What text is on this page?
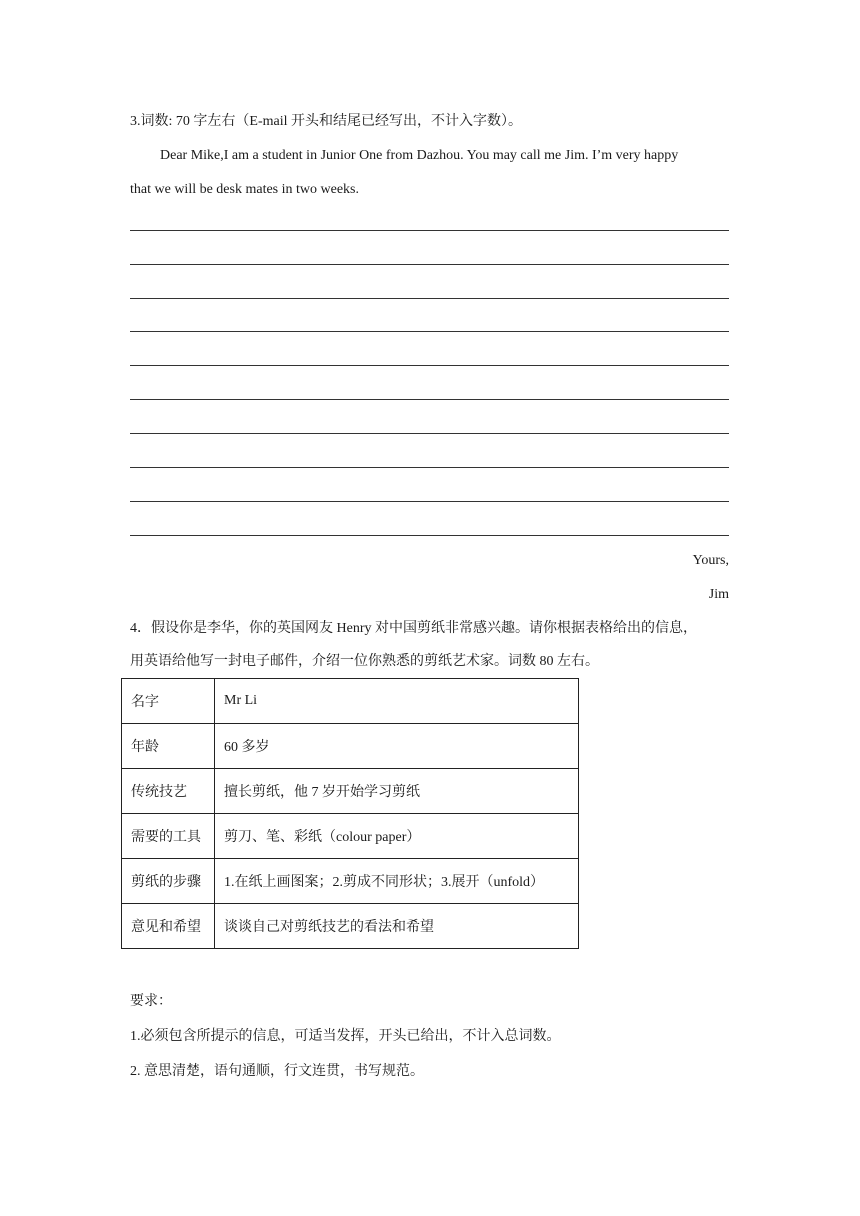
3.词数: 70 字左右（E-mail 开头和结尾已经写出，不计入字数）。
Dear Mike,I am a student in Junior One from Dazhou. You may call me Jim. I’m very happy
that we will be desk mates in two weeks.
Yours,
Jim
4．假设你是李华，你的英国网友 Henry 对中国剪纸非常感兴趣。请你根据表格给出的信息，
用英语给他写一封电子邮件，介绍一位你熟悉的剪纸艺术家。词数 80 左右。
名字	Mr Li
年龄	60 多岁
传统技艺	擅长剪纸，他 7 岁开始学习剪纸
需要的工具	剪刀、笔、彩纸（colour paper）
剪纸的步骤	1.在纸上画图案；2.剪成不同形状；3.展开（unfold）
意见和希望	谈谈自己对剪纸技艺的看法和希望
要求：
1.必须包含所提示的信息，可适当发挥，开头已给出，不计入总词数。
2. 意思清楚，语句通顺，行文连贯，书写规范。
